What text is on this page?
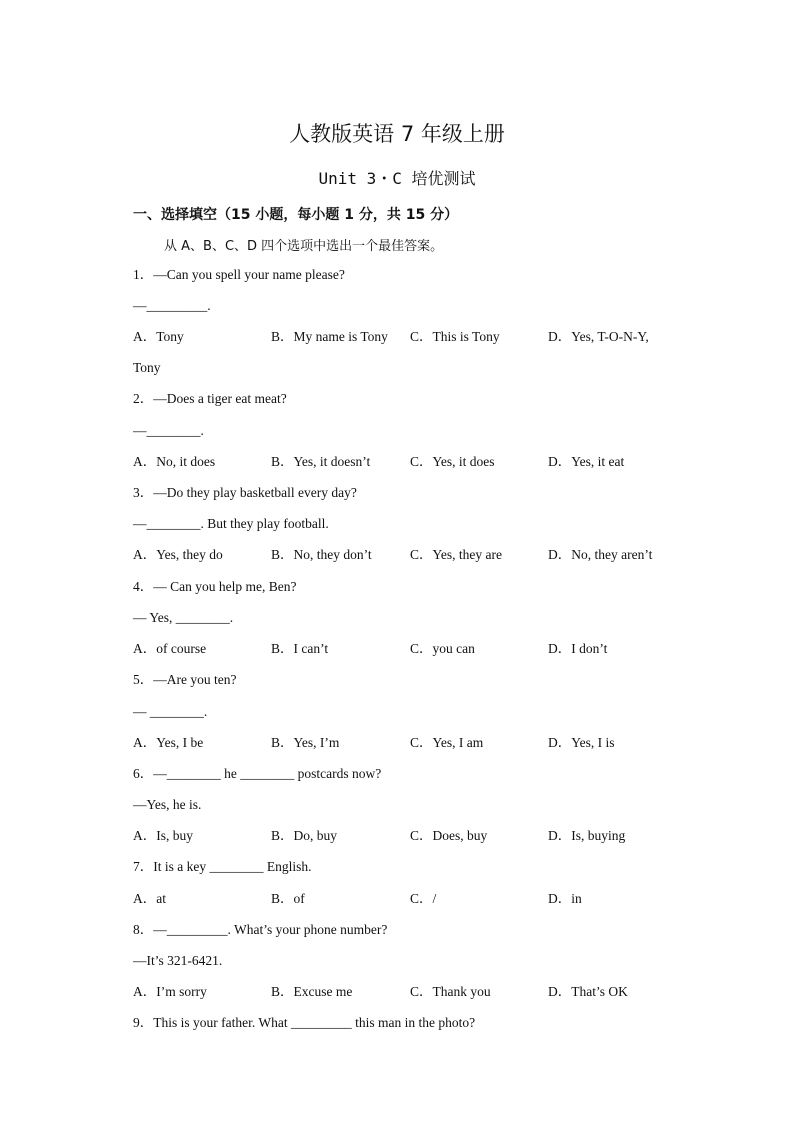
人教版英语 7 年级上册
Unit 3・C 培优测试
一、选择填空（15 小题，每小题 1 分，共 15 分）
从 A、B、C、D 四个选项中选出一个最佳答案。
1．—Can you spell your name please?
—_________.
A．Tony	B．My name is Tony C．This is Tony	D．Yes, T-O-N-Y,
Tony
2．—Does a tiger eat meat?
—________.
A．No, it does	B．Yes, it doesn’t	C．Yes, it does	D．Yes, it eat
3．—Do they play basketball every day?
—________. But they play football.
A．Yes, they do	B．No, they don’t	C．Yes, they are	D．No, they aren’t
4．— Can you help me, Ben?
— Yes, ________.
A．of course	B．I can’t	C．you can	D．I don’t
5．—Are you ten?
— ________.
A．Yes, I be	B．Yes, I’m	C．Yes, I am	D．Yes, I is
6．—________ he ________ postcards now?
—Yes, he is.
A．Is, buy	B．Do, buy	C．Does, buy	D．Is, buying
7．It is a key ________ English.
A．at	B．of	C．/	D．in
8．—_________. What’s your phone number?
—It’s 321-6421.
A．I’m sorry	B．Excuse me	C．Thank you	D．That’s OK
9．This is your father. What _________ this man in the photo?
